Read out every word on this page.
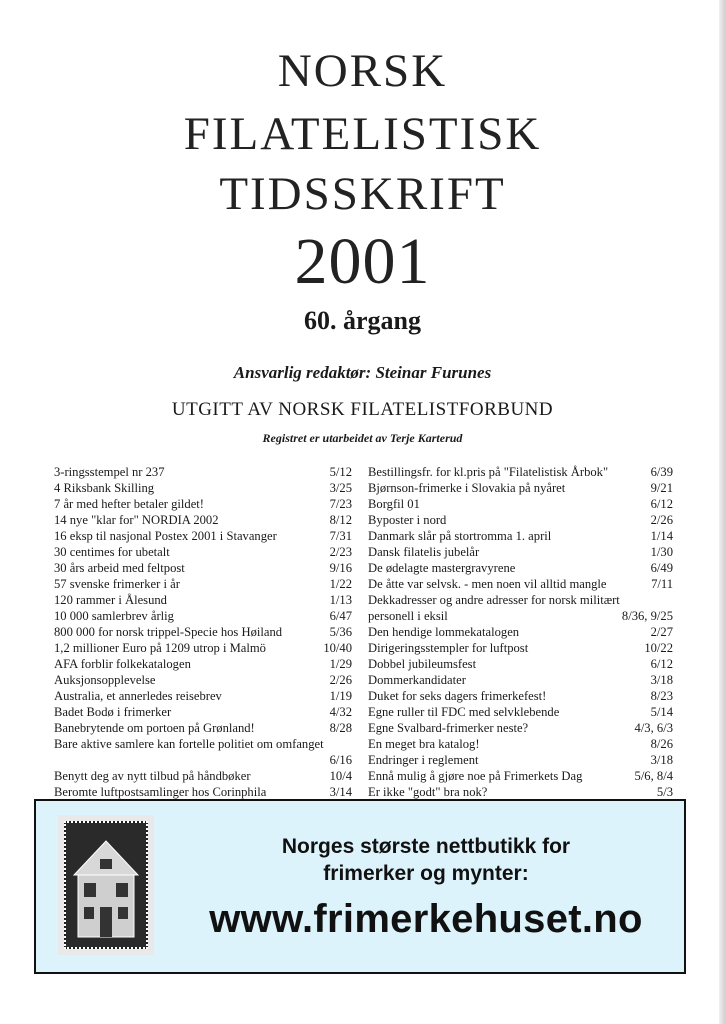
NORSK
FILATELISTISK
TIDSSKRIFT
2001
60. årgang
Ansvarlig redaktør: Steinar Furunes
UTGITT AV NORSK FILATELISTFORBUND
Registret er utarbeidet av Terje Karterud
3-ringsstempel nr 237	5/12
4 Riksbank Skilling	3/25
7 år med hefter betaler gildet!	7/23
14 nye "klar for" NORDIA 2002	8/12
16 eksp til nasjonal Postex 2001 i Stavanger	7/31
30 centimes for ubetalt	2/23
30 års arbeid med feltpost	9/16
57 svenske frimerker i år	1/22
120 rammer i Ålesund	1/13
10 000 samlerbrev årlig	6/47
800 000 for norsk trippel-Specie hos Høiland	5/36
1,2 millioner Euro på 1209 utrop i Malmö	10/40
AFA forblir folkekatalogen	1/29
Auksjonsopplevelse	2/26
Australia, et annerledes reisebrev	1/19
Badet Bodø i frimerker	4/32
Banebrytende om portoen på Grønland!	8/28
Bare aktive samlere kan fortelle politiet om omfanget
6/16
Benytt deg av nytt tilbud på håndbøker	10/4
Beromte luftpostsamlinger hos Corinphila	3/14
Bestillingsfr. for kl.pris på "Filatelistisk Årbok"	6/39
Bjørnson-frimerke i Slovakia på nyåret	9/21
Borgfil 01	6/12
Byposter i nord	2/26
Danmark slår på stortromma 1. april	1/14
Dansk filatelis jubelår	1/30
De ødelagte mastergravyrene	6/49
De åtte var selvsk. - men noen vil alltid mangle	7/11
Dekkadresser og andre adresser for norsk militært
personell i eksil	8/36, 9/25
Den hendige lommekatalogen	2/27
Dirigeringsstempler for luftpost	10/22
Dobbel jubileumsfest	6/12
Dommerkandidater	3/18
Duket for seks dagers frimerkefest!	8/23
Egne ruller til FDC med selvklebende	5/14
Egne Svalbard-frimerker neste?	4/3, 6/3
En meget bra katalog!	8/26
Endringer i reglement	3/18
Ennå mulig å gjøre noe på Frimerkets Dag	5/6, 8/4
Er ikke "godt" bra nok?	5/3
Norges største nettbutikk for
frimerker og mynter:
www.frimerkehuset.no
